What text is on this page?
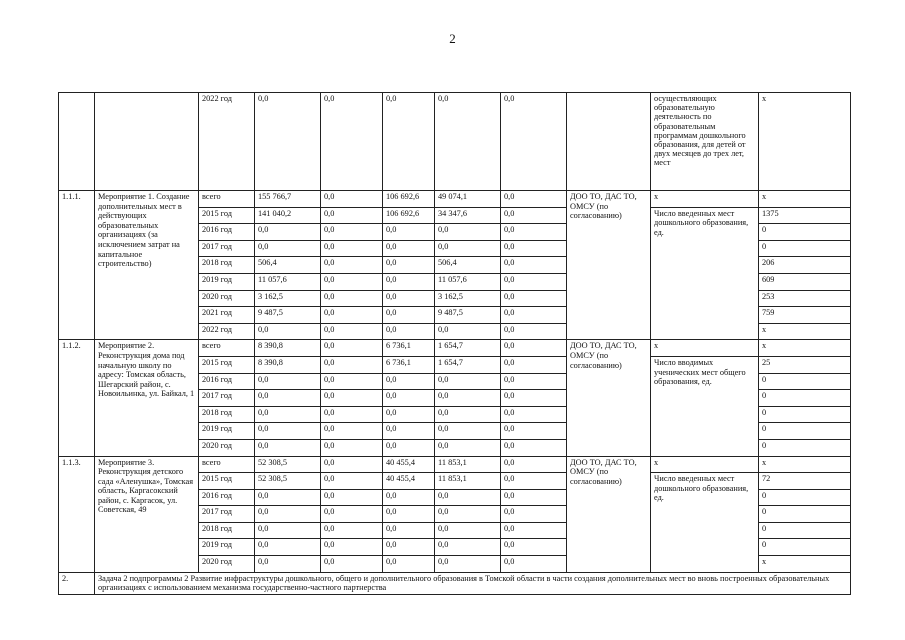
2
		2022 год	0,0	0,0	0,0	0,0	0,0		осуществляющих образовательную деятельность по образовательным программам дошкольного образования, для детей от двух месяцев до трех лет, мест	x
1.1.1.	Мероприятие 1. Создание дополнительных мест в действующих образовательных организациях (за исключением затрат на капитальное строительство)	всего	155 766,7	0,0	106 692,6	49 074,1	0,0	ДОО ТО, ДАС ТО, ОМСУ (по согласованию)	x	x
		2015 год	141 040,2	0,0	106 692,6	34 347,6	0,0		Число введенных мест дошкольного образования, ед.	1375
		2016 год	0,0	0,0	0,0	0,0	0,0			0
		2017 год	0,0	0,0	0,0	0,0	0,0			0
		2018 год	506,4	0,0	0,0	506,4	0,0			206
		2019 год	11 057,6	0,0	0,0	11 057,6	0,0			609
		2020 год	3 162,5	0,0	0,0	3 162,5	0,0			253
		2021 год	9 487,5	0,0	0,0	9 487,5	0,0			759
		2022 год	0,0	0,0	0,0	0,0	0,0			x
1.1.2.	Мероприятие 2. Реконструкция дома под начальную школу по адресу: Томская область, Шегарский район, с. Новоильинка, ул. Байкал, 1	всего	8 390,8	0,0	6 736,1	1 654,7	0,0	ДОО ТО, ДАС ТО, ОМСУ (по согласованию)	x	x
		2015 год	8 390,8	0,0	6 736,1	1 654,7	0,0		Число вводимых ученических мест общего образования, ед.	25
		2016 год	0,0	0,0	0,0	0,0	0,0			0
		2017 год	0,0	0,0	0,0	0,0	0,0			0
		2018 год	0,0	0,0	0,0	0,0	0,0			0
		2019 год	0,0	0,0	0,0	0,0	0,0			0
		2020 год	0,0	0,0	0,0	0,0	0,0			0
1.1.3.	Мероприятие 3. Реконструкция детского сада «Аленушка», Томская область, Каргасокский район, с. Каргасок, ул. Советская, 49	всего	52 308,5	0,0	40 455,4	11 853,1	0,0	ДОО ТО, ДАС ТО, ОМСУ (по согласованию)	x	x
		2015 год	52 308,5	0,0	40 455,4	11 853,1	0,0		Число введенных мест дошкольного образования, ед.	72
		2016 год	0,0	0,0	0,0	0,0	0,0			0
		2017 год	0,0	0,0	0,0	0,0	0,0			0
		2018 год	0,0	0,0	0,0	0,0	0,0			0
		2019 год	0,0	0,0	0,0	0,0	0,0			0
		2020 год	0,0	0,0	0,0	0,0	0,0			x
2.	Задача 2 подпрограммы 2 Развитие инфраструктуры дошкольного, общего и дополнительного образования в Томской области в части создания дополнительных мест во вновь построенных образовательных организациях с использованием механизма государственно-частного партнерства									
